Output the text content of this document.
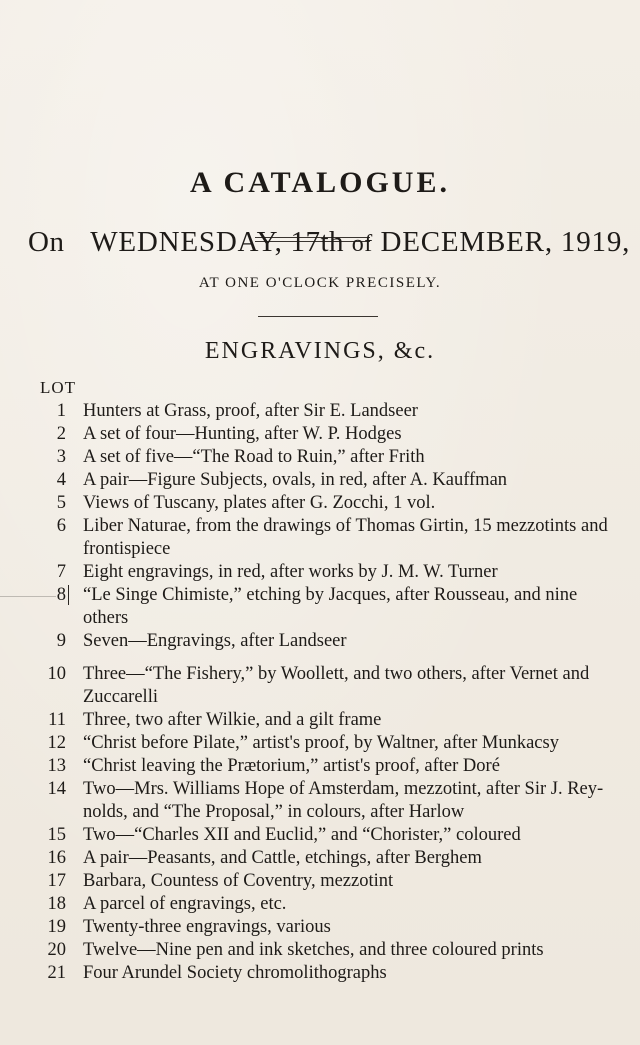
A CATALOGUE.
On WEDNESDAY, 17th of DECEMBER, 1919,
AT ONE O'CLOCK PRECISELY.
ENGRAVINGS, &c.
LOT
1 Hunters at Grass, proof, after Sir E. Landseer
2 A set of four—Hunting, after W. P. Hodges
3 A set of five—“The Road to Ruin,” after Frith
4 A pair—Figure Subjects, ovals, in red, after A. Kauffman
5 Views of Tuscany, plates after G. Zocchi, 1 vol.
6 Liber Naturae, from the drawings of Thomas Girtin, 15 mezzotints and
frontispiece
7 Eight engravings, in red, after works by J. M. W. Turner
8 “Le Singe Chimiste,” etching by Jacques, after Rousseau, and nine
others
9 Seven—Engravings, after Landseer
10 Three—“The Fishery,” by Woollett, and two others, after Vernet and
Zuccarelli
11 Three, two after Wilkie, and a gilt frame
12 “Christ before Pilate,” artist's proof, by Waltner, after Munkacsy
13 “Christ leaving the Prætorium,” artist's proof, after Doré
14 Two—Mrs. Williams Hope of Amsterdam, mezzotint, after Sir J. Rey-
nolds, and “The Proposal,” in colours, after Harlow
15 Two—“Charles XII and Euclid,” and “Chorister,” coloured
16 A pair—Peasants, and Cattle, etchings, after Berghem
17 Barbara, Countess of Coventry, mezzotint
18 A parcel of engravings, etc.
19 Twenty-three engravings, various
20 Twelve—Nine pen and ink sketches, and three coloured prints
21 Four Arundel Society chromolithographs
